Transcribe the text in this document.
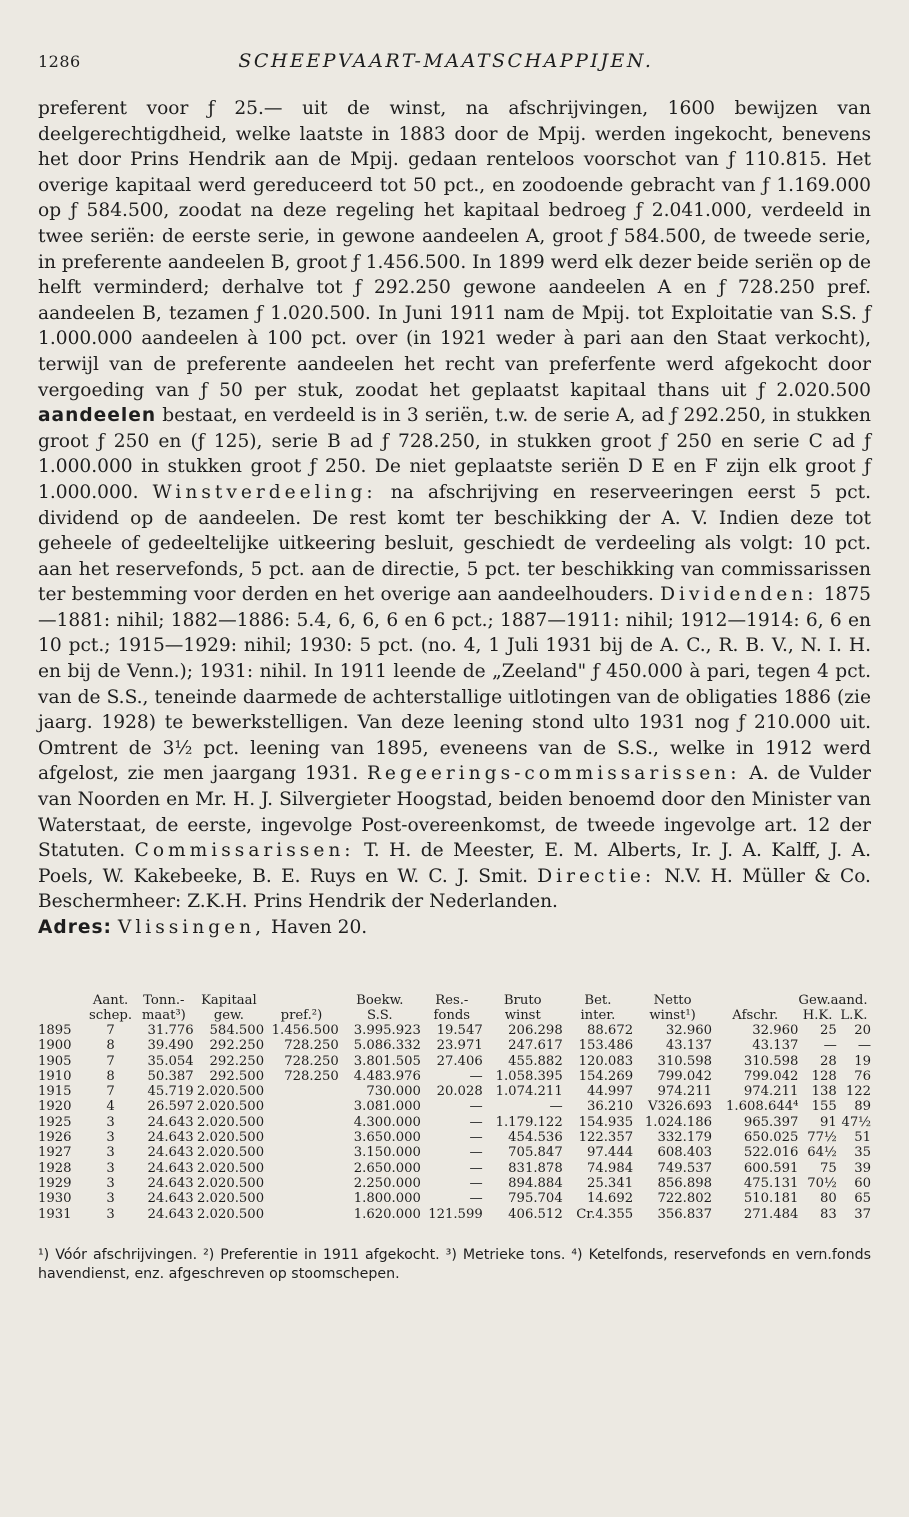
1286	SCHEEPVAART-MAATSCHAPPIJEN.

preferent voor ƒ 25.— uit de winst, na afschrijvingen, 1600 bewijzen van deelgerechtigdheid, welke laatste in 1883 door de Mpij. werden ingekocht, benevens het door Prins Hendrik aan de Mpij. gedaan renteloos voorschot van ƒ 110.815. Het overige kapitaal werd gereduceerd tot 50 pct., en zoodoende gebracht van ƒ 1.169.000 op ƒ 584.500, zoodat na deze regeling het kapitaal bedroeg ƒ 2.041.000, verdeeld in twee seriën: de eerste serie, in gewone aandeelen A, groot ƒ 584.500, de tweede serie, in preferente aandeelen B, groot ƒ 1.456.500. In 1899 werd elk dezer beide seriën op de helft verminderd; derhalve tot ƒ 292.250 gewone aandeelen A en ƒ 728.250 pref. aandeelen B, tezamen ƒ 1.020.500. In Juni 1911 nam de Mpij. tot Exploitatie van S.S. ƒ 1.000.000 aandeelen à 100 pct. over (in 1921 weder à pari aan den Staat verkocht), terwijl van de preferente aandeelen het recht van preferfente werd afgekocht door vergoeding van ƒ 50 per stuk, zoodat het geplaatst kapitaal thans uit ƒ 2.020.500 aandeelen bestaat, en verdeeld is in 3 seriën, t.w. de serie A, ad ƒ 292.250, in stukken groot ƒ 250 en (ƒ 125), serie B ad ƒ 728.250, in stukken groot ƒ 250 en serie C ad ƒ 1.000.000 in stukken groot ƒ 250. De niet geplaatste seriën D E en F zijn elk groot ƒ 1.000.000. Winstverdeeling: na afschrijving en reserveeringen eerst 5 pct. dividend op de aandeelen. De rest komt ter beschikking der A. V. Indien deze tot geheele of gedeeltelijke uitkeering besluit, geschiedt de verdeeling als volgt: 10 pct. aan het reservefonds, 5 pct. aan de directie, 5 pct. ter beschikking van commissarissen ter bestemming voor derden en het overige aan aandeelhouders. Dividenden: 1875—1881: nihil; 1882—1886: 5.4, 6, 6, 6 en 6 pct.; 1887—1911: nihil; 1912—1914: 6, 6 en 10 pct.; 1915—1929: nihil; 1930: 5 pct. (no. 4, 1 Juli 1931 bij de A. C., R. B. V., N. I. H. en bij de Venn.); 1931: nihil. In 1911 leende de „Zeeland" ƒ 450.000 à pari, tegen 4 pct. van de S.S., teneinde daarmede de achterstallige uitlotingen van de obligaties 1886 (zie jaarg. 1928) te bewerkstelligen. Van deze leening stond ulto 1931 nog ƒ 210.000 uit. Omtrent de 3½ pct. leening van 1895, eveneens van de S.S., welke in 1912 werd afgelost, zie men jaargang 1931. Regeerings-commissarissen: A. de Vulder van Noorden en Mr. H. J. Silvergieter Hoogstad, beiden benoemd door den Minister van Waterstaat, de eerste, ingevolge Post-overeenkomst, de tweede ingevolge art. 12 der Statuten. Commissarissen: T. H. de Meester, E. M. Alberts, Ir. J. A. Kalff, J. A. Poels, W. Kakebeeke, B. E. Ruys en W. C. J. Smit. Directie: N.V. H. Müller & Co. Beschermheer: Z.K.H. Prins Hendrik der Nederlanden.

Adres: Vlissingen, Haven 20.
	Aant.	Tonn.-	Kapitaal		Boekw.	Res.-	Bruto	Bet.	Netto		Gew.aand.	
	schep.	maat³)	gew.	pref.²)	S.S.	fonds	winst	inter.	winst¹)	Afschr.	H.K.	L.K.
1895	7	31.776	584.500	1.456.500	3.995.923	19.547	206.298	88.672	32.960	32.960	25	20
1900	8	39.490	292.250	728.250	5.086.332	23.971	247.617	153.486	43.137	43.137	—	—
1905	7	35.054	292.250	728.250	3.801.505	27.406	455.882	120.083	310.598	310.598	28	19
1910	8	50.387	292.500	728.250	4.483.976	—	1.058.395	154.269	799.042	799.042	128	76
1915	7	45.719	2.020.500		730.000	20.028	1.074.211	44.997	974.211	974.211	138	122
1920	4	26.597	2.020.500		3.081.000	—	—	36.210	V326.693	1.608.644⁴	155	89
1925	3	24.643	2.020.500		4.300.000	—	1.179.122	154.935	1.024.186	965.397	91	47½
1926	3	24.643	2.020.500		3.650.000	—	454.536	122.357	332.179	650.025	77½	51
1927	3	24.643	2.020.500		3.150.000	—	705.847	97.444	608.403	522.016	64½	35
1928	3	24.643	2.020.500		2.650.000	—	831.878	74.984	749.537	600.591	75	39
1929	3	24.643	2.020.500		2.250.000	—	894.884	25.341	856.898	475.131	70½	60
1930	3	24.643	2.020.500		1.800.000	—	795.704	14.692	722.802	510.181	80	65
1931	3	24.643	2.020.500		1.620.000	121.599	406.512	Cr.4.355	356.837	271.484	83	37
¹) Vóór afschrijvingen. ²) Preferentie in 1911 afgekocht. ³) Metrieke tons. ⁴) Ketelfonds, reservefonds en vern.fonds havendienst, enz. afgeschreven op stoomschepen.
